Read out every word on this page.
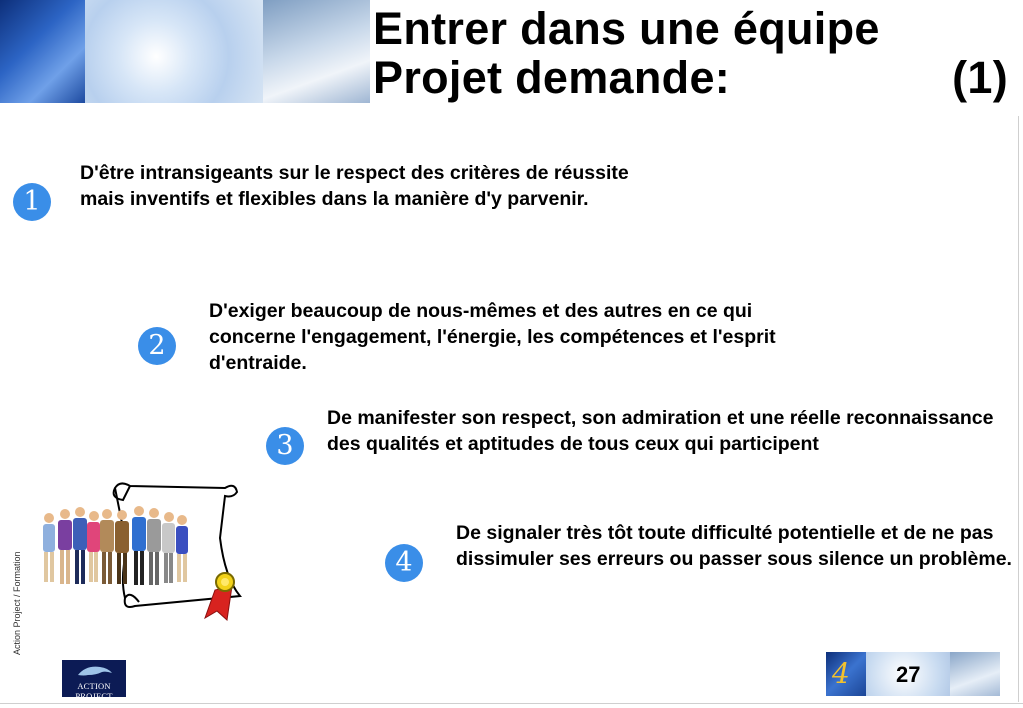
Entrer dans une équipe
Projet demande:	(1)
1
D'être intransigeants sur le respect des critères de réussite mais inventifs et flexibles dans la manière d'y parvenir.
2
D'exiger beaucoup de nous-mêmes et des autres en ce qui concerne l'engagement, l'énergie, les compétences et l'esprit d'entraide.
3
De manifester son respect, son admiration et une réelle reconnaissance des qualités et aptitudes de tous ceux qui participent
4
De signaler très tôt toute difficulté potentielle et de ne pas dissimuler ses erreurs ou passer sous silence un problème.
Action Project / Formation
ACTION PROJECT
4 27
